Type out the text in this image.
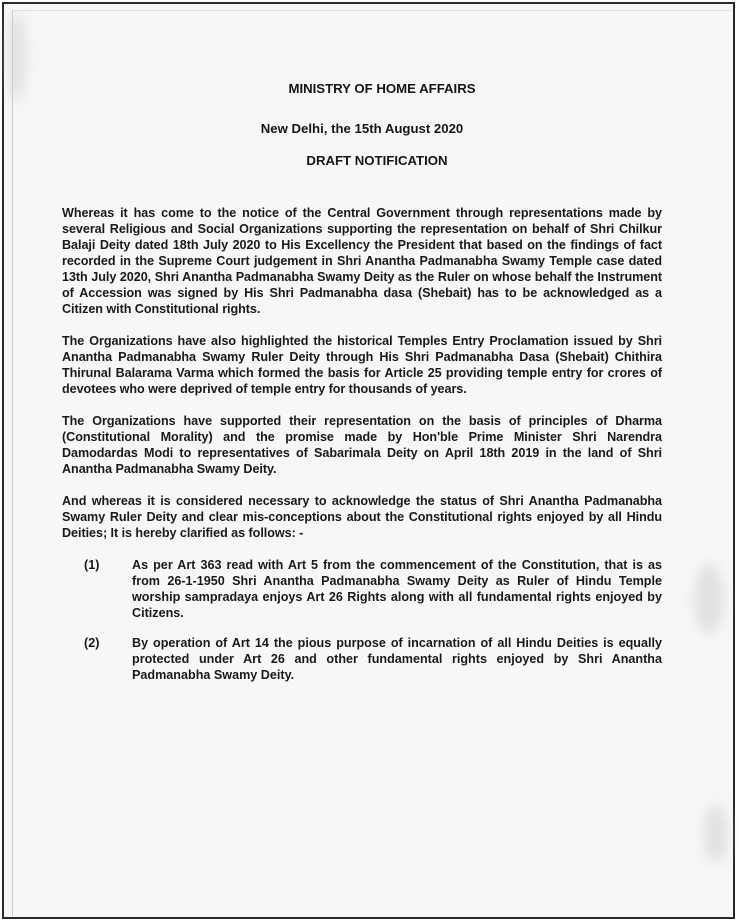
MINISTRY OF HOME AFFAIRS
New Delhi, the 15th August 2020
DRAFT NOTIFICATION

Whereas it has come to the notice of the Central Government through representations made by several Religious and Social Organizations supporting the representation on behalf of Shri Chilkur Balaji Deity dated 18th July 2020 to His Excellency the President that based on the findings of fact recorded in the Supreme Court judgement in Shri Anantha Padmanabha Swamy Temple case dated 13th July 2020, Shri Anantha Padmanabha Swamy Deity as the Ruler on whose behalf the Instrument of Accession was signed by His Shri Padmanabha dasa (Shebait) has to be acknowledged as a Citizen with Constitutional rights.

The Organizations have also highlighted the historical Temples Entry Proclamation issued by Shri Anantha Padmanabha Swamy Ruler Deity through His Shri Padmanabha Dasa (Shebait) Chithira Thirunal Balarama Varma which formed the basis for Article 25 providing temple entry for crores of devotees who were deprived of temple entry for thousands of years.

The Organizations have supported their representation on the basis of principles of Dharma (Constitutional Morality) and the promise made by Hon'ble Prime Minister Shri Narendra Damodardas Modi to representatives of Sabarimala Deity on April 18th 2019 in the land of Shri Anantha Padmanabha Swamy Deity.

And whereas it is considered necessary to acknowledge the status of Shri Anantha Padmanabha Swamy Ruler Deity and clear mis-conceptions about the Constitutional rights enjoyed by all Hindu Deities; It is hereby clarified as follows: -

(1)	As per Art 363 read with Art 5 from the commencement of the Constitution, that is as from 26-1-1950 Shri Anantha Padmanabha Swamy Deity as Ruler of Hindu Temple worship sampradaya enjoys Art 26 Rights along with all fundamental rights enjoyed by Citizens.
(2)	By operation of Art 14 the pious purpose of incarnation of all Hindu Deities is equally protected under Art 26 and other fundamental rights enjoyed by Shri Anantha Padmanabha Swamy Deity.
